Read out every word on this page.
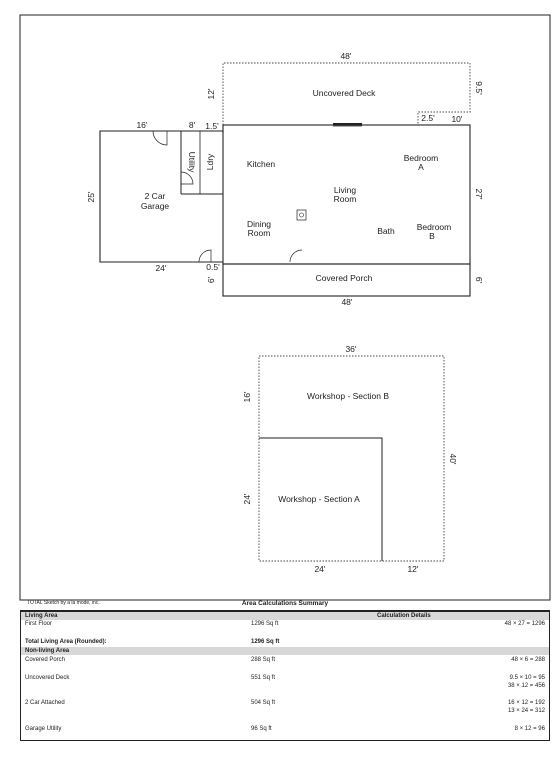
Uncovered Deck
48'
12'	9.5'
10'
2.5'
16'	8' 1.5'
25'
24'	0.5'
2 Car
Garage
Utility Ldry	Kitchen
Living
Room
Dining
Room
Bedroom
A
Bedroom
B
Bath
27'
Covered Porch
6'	6'
48'
36'
Workshop - Section B
16'
Workshop - Section A
24'
40'
24'	12'
TOTAL Sketch by a la mode, inc.	Area Calculations Summary
Living Area	Calculation Details
First Floor	1296 Sq ft	48 × 27 = 1296
Total Living Area (Rounded):	1296 Sq ft
Non-living Area
Covered Porch	288 Sq ft	48 × 6 = 288
Uncovered Deck	551 Sq ft	9.5 × 10 = 95
38 × 12 = 456
2 Car Attached	504 Sq ft	16 × 12 = 192
13 × 24 = 312
Garage Utility	96 Sq ft	8 × 12 = 96
